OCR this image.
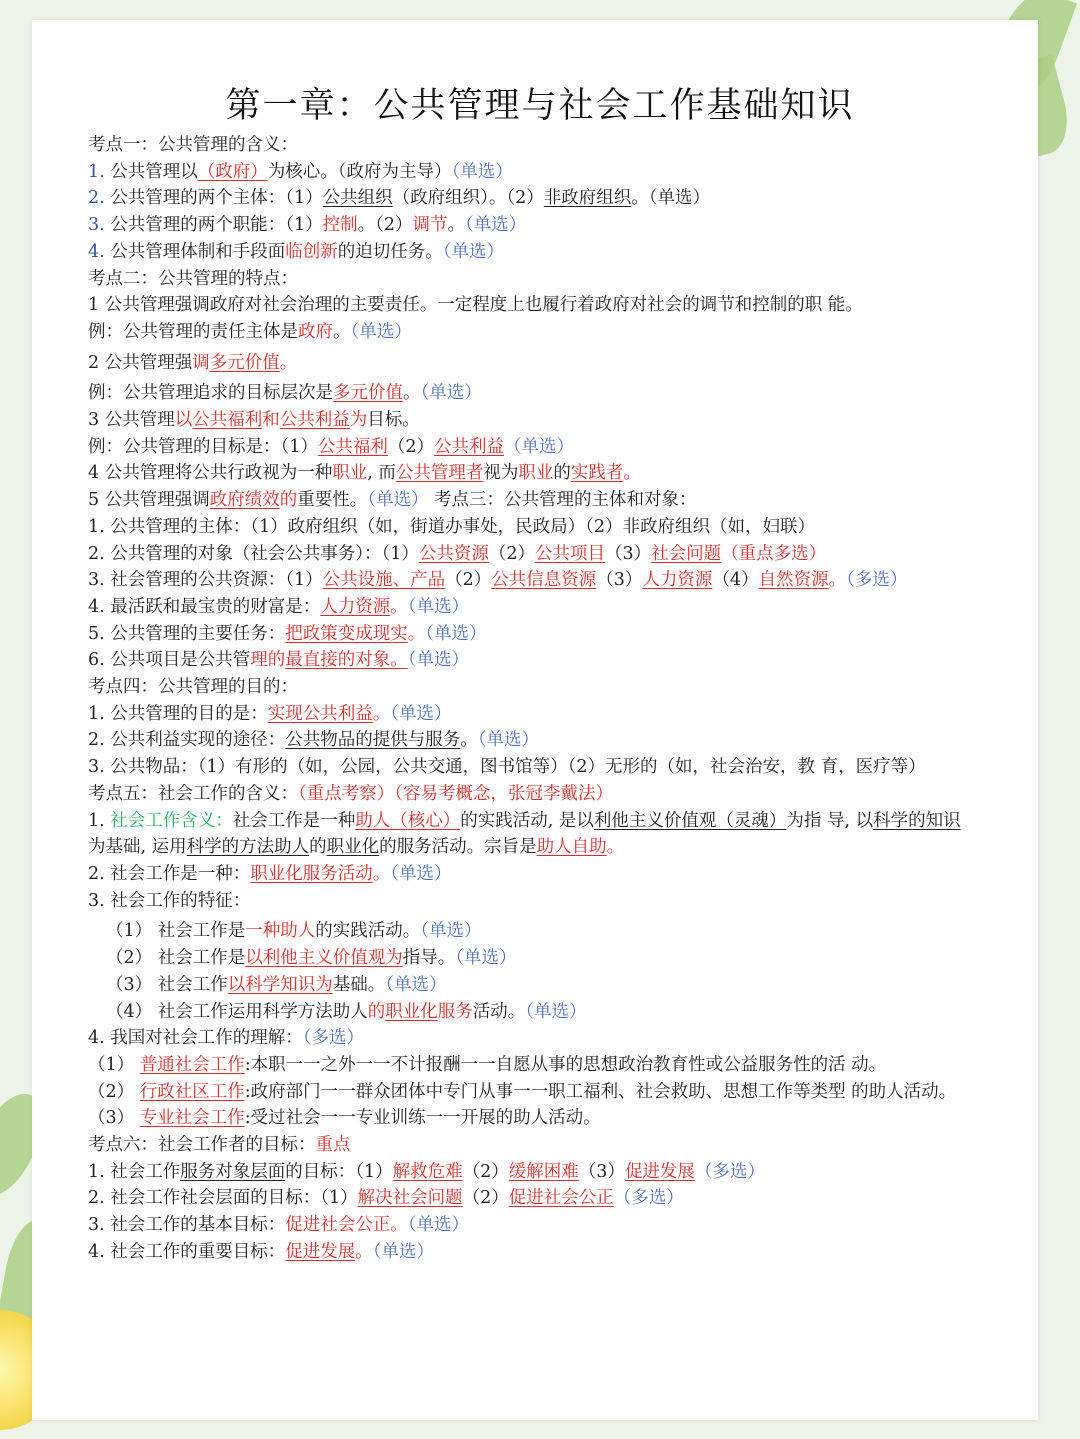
第一章：公共管理与社会工作基础知识
考点一：公共管理的含义：
1. 公共管理以（政府）为核心。（政府为主导）（单选）
2. 公共管理的两个主体：（1）公共组织（政府组织）。（2）非政府组织。（单选）
3. 公共管理的两个职能：（1）控制。（2）调节。（单选）
4. 公共管理体制和手段面临创新的迫切任务。（单选）
考点二：公共管理的特点：
1 公共管理强调政府对社会治理的主要责任。一定程度上也履行着政府对社会的调节和控制的职 能。
例：公共管理的责任主体是政府。（单选）
2 公共管理强调多元价值。
例：公共管理追求的目标层次是多元价值。（单选）
3 公共管理以公共福利和公共利益为目标。
例：公共管理的目标是：（1）公共福利（2）公共利益（单选）
4 公共管理将公共行政视为一种职业, 而公共管理者视为职业的实践者。
5 公共管理强调政府绩效的重要性。（单选） 考点三：公共管理的主体和对象：
1. 公共管理的主体：（1）政府组织（如，街道办事处，民政局）（2）非政府组织（如，妇联）
2. 公共管理的对象（社会公共事务）：（1）公共资源（2）公共项目（3）社会问题（重点多选）
3. 社会管理的公共资源：（1）公共设施、产品（2）公共信息资源（3）人力资源（4）自然资源。（多选）
4. 最活跃和最宝贵的财富是：人力资源。（单选）
5. 公共管理的主要任务：把政策变成现实。（单选）
6. 公共项目是公共管理的最直接的对象。（单选）
考点四：公共管理的目的：
1. 公共管理的目的是：实现公共利益。（单选）
2. 公共利益实现的途径：公共物品的提供与服务。（单选）
3. 公共物品：（1）有形的（如，公园，公共交通，图书馆等）（2）无形的（如，社会治安，教 育，医疗等）
考点五：社会工作的含义：（重点考察）（容易考概念，张冠李戴法）
1. 社会工作含义：社会工作是一种助人（核心）的实践活动, 是以利他主义价值观（灵魂）为指 导, 以科学的知识为基础, 运用科学的方法助人的职业化的服务活动。宗旨是助人自助。
2. 社会工作是一种：职业化服务活动。（单选）
3. 社会工作的特征：
（1） 社会工作是一种助人的实践活动。（单选）
（2） 社会工作是以利他主义价值观为指导。（单选）
（3） 社会工作以科学知识为基础。（单选）
（4） 社会工作运用科学方法助人的职业化服务活动。（单选）
4. 我国对社会工作的理解：（多选）
（1） 普通社会工作:本职一一之外一一不计报酬一一自愿从事的思想政治教育性或公益服务性的活 动。
（2） 行政社区工作:政府部门一一群众团体中专门从事一一职工福利、社会救助、思想工作等类型 的助人活动。
（3） 专业社会工作:受过社会一一专业训练一一开展的助人活动。
考点六：社会工作者的目标：重点
1. 社会工作服务对象层面的目标：（1）解救危难（2）缓解困难（3）促进发展（多选）
2. 社会工作社会层面的目标：（1）解决社会问题（2）促进社会公正（多选）
3. 社会工作的基本目标：促进社会公正。（单选）
4. 社会工作的重要目标：促进发展。（单选）
